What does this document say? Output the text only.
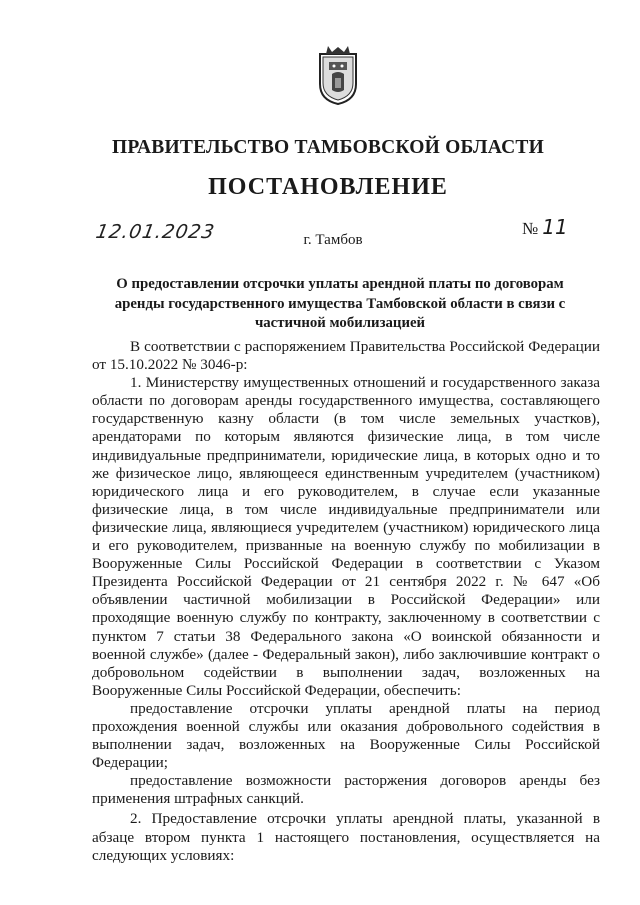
ПРАВИТЕЛЬСТВО ТАМБОВСКОЙ ОБЛАСТИ
ПОСТАНОВЛЕНИЕ
12.01.2023	№ 11
г. Тамбов
О предоставлении отсрочки уплаты арендной платы по договорам аренды государственного имущества Тамбовской области в связи с частичной мобилизацией

В соответствии с распоряжением Правительства Российской Федерации от 15.10.2022 № 3046-р:

1. Министерству имущественных отношений и государственного заказа области по договорам аренды государственного имущества, составляющего государственную казну области (в том числе земельных участков), арендаторами по которым являются физические лица, в том числе индивидуальные предприниматели, юридические лица, в которых одно и то же физическое лицо, являющееся единственным учредителем (участником) юридического лица и его руководителем, в случае если указанные физические лица, в том числе индивидуальные предприниматели или физические лица, являющиеся учредителем (участником) юридического лица и его руководителем, призванные на военную службу по мобилизации в Вооруженные Силы Российской Федерации в соответствии с Указом Президента Российской Федерации от 21 сентября 2022 г. № 647 «Об объявлении частичной мобилизации в Российской Федерации» или проходящие военную службу по контракту, заключенному в соответствии с пунктом 7 статьи 38 Федерального закона «О воинской обязанности и военной службе» (далее - Федеральный закон), либо заключившие контракт о добровольном содействии в выполнении задач, возложенных на Вооруженные Силы Российской Федерации, обеспечить:

предоставление отсрочки уплаты арендной платы на период прохождения военной службы или оказания добровольного содействия в выполнении задач, возложенных на Вооруженные Силы Российской Федерации;

предоставление возможности расторжения договоров аренды без применения штрафных санкций.

2. Предоставление отсрочки уплаты арендной платы, указанной в абзаце втором пункта 1 настоящего постановления, осуществляется на следующих условиях:
